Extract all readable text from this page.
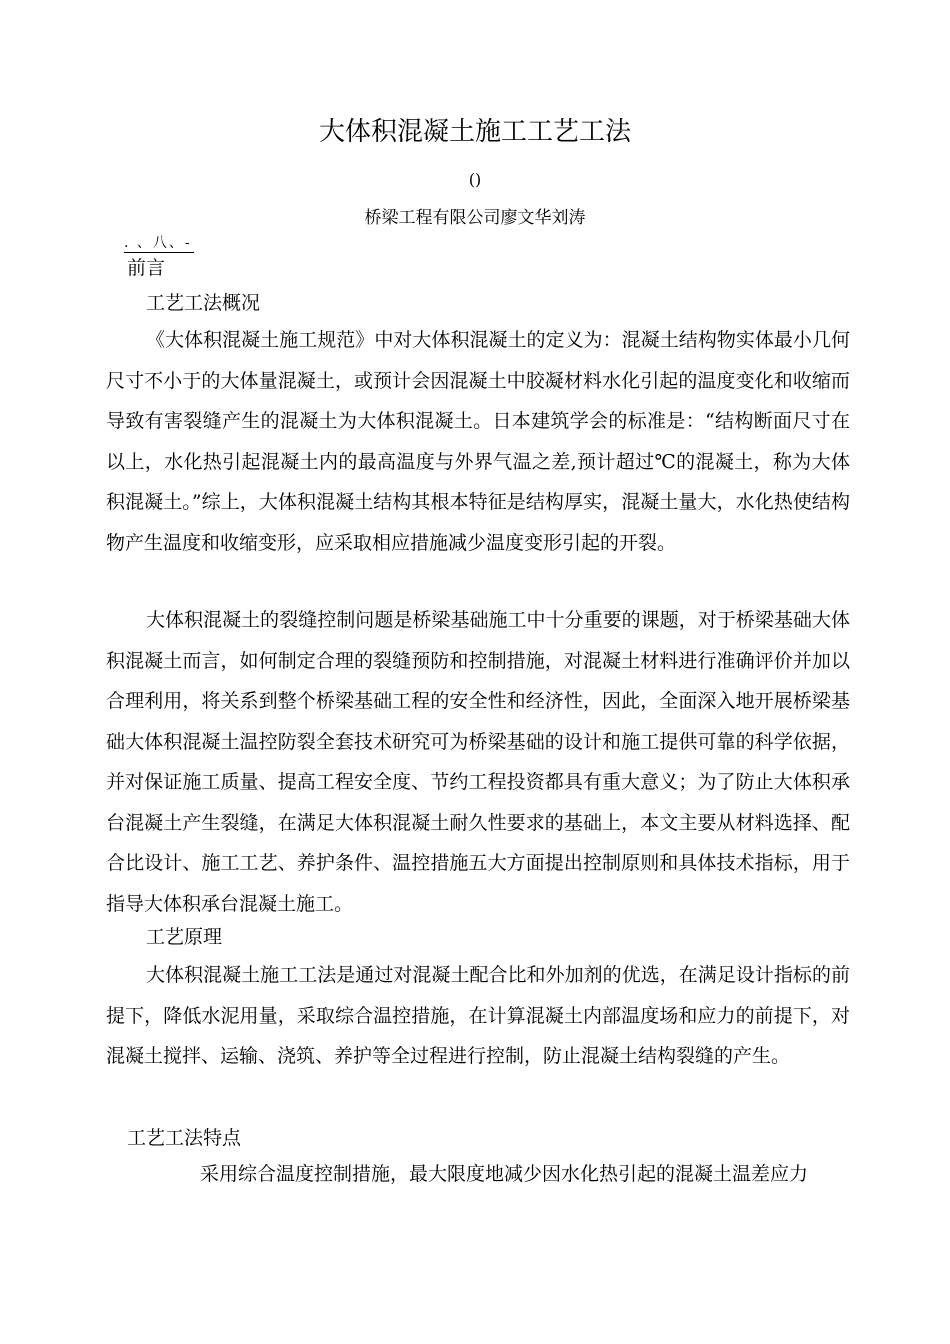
大体积混凝土施工工艺工法
()
桥梁工程有限公司廖文华刘涛
. 、八、-
前言
工艺工法概况

《大体积混凝土施工规范》中对大体积混凝土的定义为：混凝土结构物实体最小几何尺寸不小于的大体量混凝土，或预计会因混凝土中胶凝材料水化引起的温度变化和收缩而导致有害裂缝产生的混凝土为大体积混凝土。日本建筑学会的标准是：“结构断面尺寸在以上，水化热引起混凝土内的最高温度与外界气温之差,预计超过℃的混凝土，称为大体积混凝土。”综上，大体积混凝土结构其根本特征是结构厚实，混凝土量大，水化热使结构物产生温度和收缩变形，应采取相应措施减少温度变形引起的开裂。

大体积混凝土的裂缝控制问题是桥梁基础施工中十分重要的课题，对于桥梁基础大体积混凝土而言，如何制定合理的裂缝预防和控制措施，对混凝土材料进行准确评价并加以合理利用，将关系到整个桥梁基础工程的安全性和经济性，因此，全面深入地开展桥梁基础大体积混凝土温控防裂全套技术研究可为桥梁基础的设计和施工提供可靠的科学依据，并对保证施工质量、提高工程安全度、节约工程投资都具有重大意义；为了防止大体积承台混凝土产生裂缝，在满足大体积混凝土耐久性要求的基础上，本文主要从材料选择、配合比设计、施工工艺、养护条件、温控措施五大方面提出控制原则和具体技术指标，用于指导大体积承台混凝土施工。

工艺原理

大体积混凝土施工工法是通过对混凝土配合比和外加剂的优选，在满足设计指标的前提下，降低水泥用量，采取综合温控措施，在计算混凝土内部温度场和应力的前提下，对混凝土搅拌、运输、浇筑、养护等全过程进行控制，防止混凝土结构裂缝的产生。

工艺工法特点
采用综合温度控制措施，最大限度地减少因水化热引起的混凝土温差应力
